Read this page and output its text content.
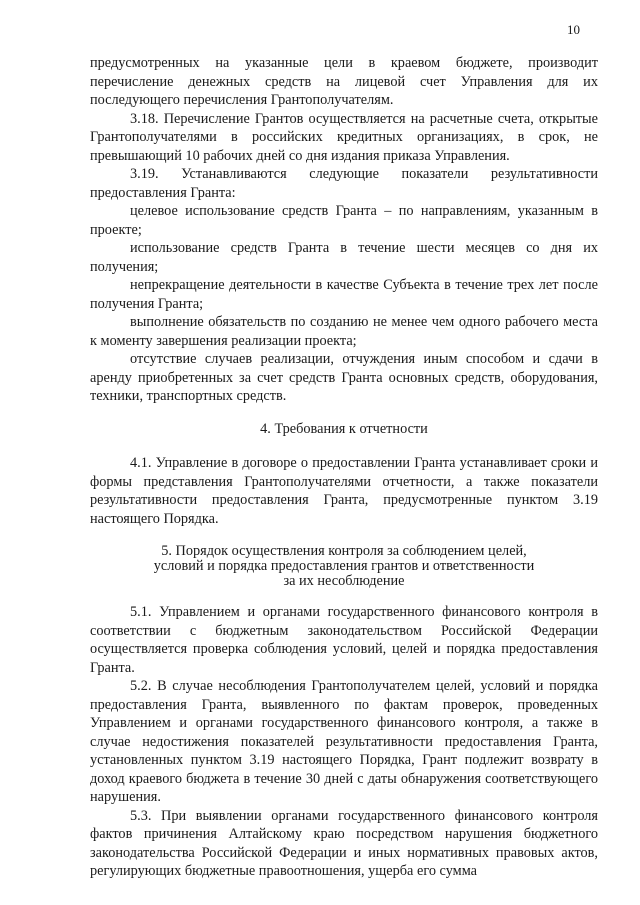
10

предусмотренных на указанные цели в краевом бюджете, производит перечисление денежных средств на лицевой счет Управления для их последующего перечисления Грантополучателям.

3.18. Перечисление Грантов осуществляется на расчетные счета, открытые Грантополучателями в российских кредитных организациях, в срок, не превышающий 10 рабочих дней со дня издания приказа Управления.

3.19. Устанавливаются следующие показатели результативности предоставления Гранта:

целевое использование средств Гранта – по направлениям, указанным в проекте;

использование средств Гранта в течение шести месяцев со дня их получения;

непрекращение деятельности в качестве Субъекта в течение трех лет после получения Гранта;

выполнение обязательств по созданию не менее чем одного рабочего места к моменту завершения реализации проекта;

отсутствие случаев реализации, отчуждения иным способом и сдачи в аренду приобретенных за счет средств Гранта основных средств, оборудования, техники, транспортных средств.

4. Требования к отчетности

4.1. Управление в договоре о предоставлении Гранта устанавливает сроки и формы представления Грантополучателями отчетности, а также показатели результативности предоставления Гранта, предусмотренные пунктом 3.19 настоящего Порядка.

5. Порядок осуществления контроля за соблюдением целей,
условий и порядка предоставления грантов и ответственности
за их несоблюдение

5.1. Управлением и органами государственного финансового контроля в соответствии с бюджетным законодательством Российской Федерации осуществляется проверка соблюдения условий, целей и порядка предоставления Гранта.

5.2. В случае несоблюдения Грантополучателем целей, условий и порядка предоставления Гранта, выявленного по фактам проверок, проведенных Управлением и органами государственного финансового контроля, а также в случае недостижения показателей результативности предоставления Гранта, установленных пунктом 3.19 настоящего Порядка, Грант подлежит возврату в доход краевого бюджета в течение 30 дней с даты обнаружения соответствующего нарушения.

5.3. При выявлении органами государственного финансового контроля фактов причинения Алтайскому краю посредством нарушения бюджетного законодательства Российской Федерации и иных нормативных правовых актов, регулирующих бюджетные правоотношения, ущерба его сумма
